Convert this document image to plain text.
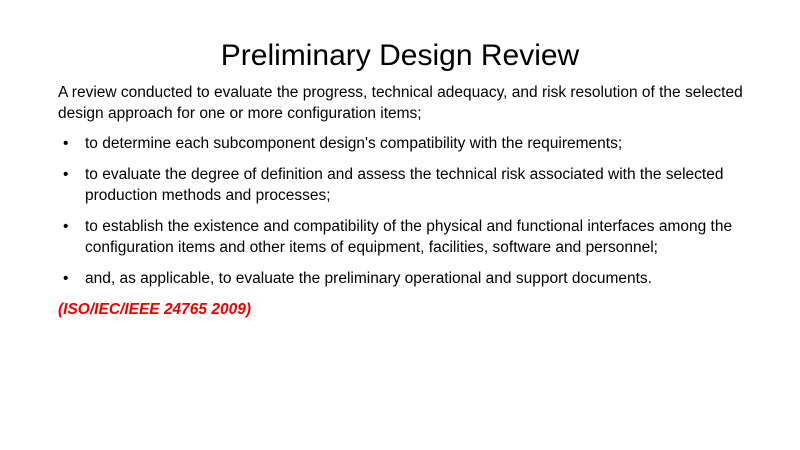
Preliminary Design Review

A review conducted to evaluate the progress, technical adequacy, and risk resolution of the selected design approach for one or more configuration items;

• to determine each subcomponent design's compatibility with the requirements;
• to evaluate the degree of definition and assess the technical risk associated with the selected production methods and processes;
• to establish the existence and compatibility of the physical and functional interfaces among the configuration items and other items of equipment, facilities, software and personnel;
• and, as applicable, to evaluate the preliminary operational and support documents.

(ISO/IEC/IEEE 24765 2009)
